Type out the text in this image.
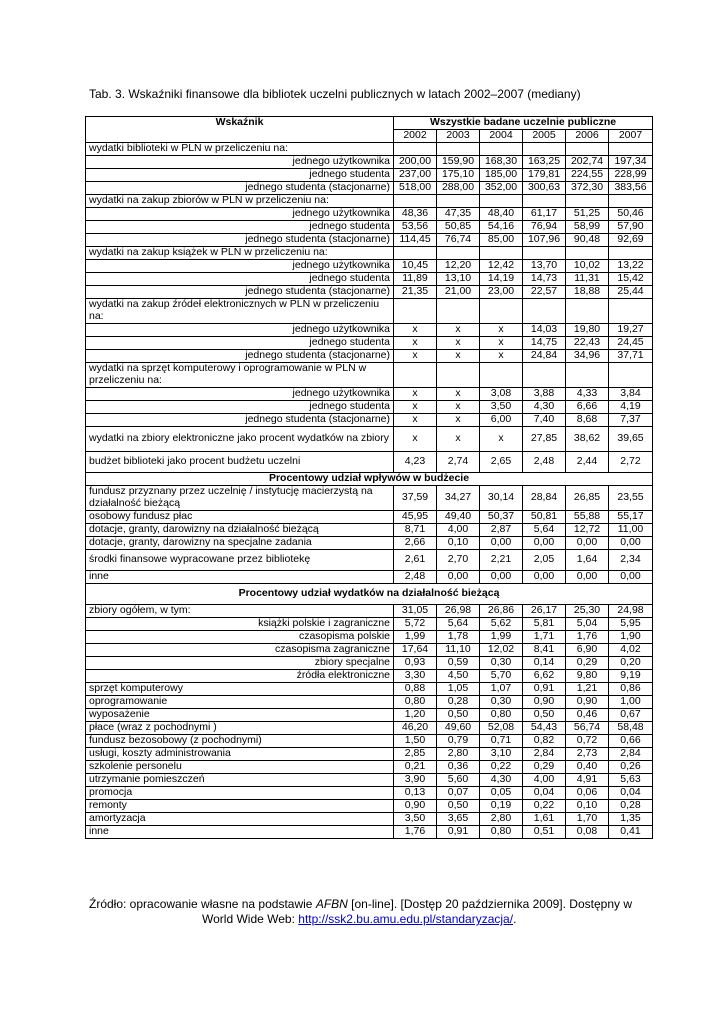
Tab. 3. Wskaźniki finansowe dla bibliotek uczelni publicznych w latach 2002–2007 (mediany)
Wskaźnik	Wszystkie badane uczelnie publiczne					
	2002	2003	2004	2005	2006	2007
wydatki biblioteki w PLN w przeliczeniu na:						
jednego użytkownika	200,00	159,90	168,30	163,25	202,74	197,34
jednego studenta	237,00	175,10	185,00	179,81	224,55	228,99
jednego studenta (stacjonarne)	518,00	288,00	352,00	300,63	372,30	383,56
wydatki na zakup zbiorów w PLN w przeliczeniu na:						
jednego użytkownika	48,36	47,35	48,40	61,17	51,25	50,46
jednego studenta	53,56	50,85	54,16	76,94	58,99	57,90
jednego studenta (stacjonarne)	114,45	76,74	85,00	107,96	90,48	92,69
wydatki na zakup książek w PLN w przeliczeniu na:						
jednego użytkownika	10,45	12,20	12,42	13,70	10,02	13,22
jednego studenta	11,89	13,10	14,19	14,73	11,31	15,42
jednego studenta (stacjonarne)	21,35	21,00	23,00	22,57	18,88	25,44
wydatki na zakup źródeł elektronicznych w PLN w przeliczeniu na:						
jednego użytkownika	x	x	x	14,03	19,80	19,27
jednego studenta	x	x	x	14,75	22,43	24,45
jednego studenta (stacjonarne)	x	x	x	24,84	34,96	37,71
wydatki na sprzęt komputerowy i oprogramowanie w PLN w przeliczeniu na:						
jednego użytkownika	x	x	3,08	3,88	4,33	3,84
jednego studenta	x	x	3,50	4,30	6,66	4,19
jednego studenta (stacjonarne)	x	x	6,00	7,40	8,68	7,37
wydatki na zbiory elektroniczne jako procent wydatków na zbiory	x	x	x	27,85	38,62	39,65
budżet biblioteki jako procent budżetu uczelni	4,23	2,74	2,65	2,48	2,44	2,72
Procentowy udział wpływów w budżecie						
fundusz przyznany przez uczelnię / instytucję macierzystą na działalność bieżącą	37,59	34,27	30,14	28,84	26,85	23,55
osobowy fundusz płac	45,95	49,40	50,37	50,81	55,88	55,17
dotacje, granty, darowizny na działalność bieżącą	8,71	4,00	2,87	5,64	12,72	11,00
dotacje, granty, darowizny na specjalne zadania	2,66	0,10	0,00	0,00	0,00	0,00
środki finansowe wypracowane przez bibliotekę	2,61	2,70	2,21	2,05	1,64	2,34
inne	2,48	0,00	0,00	0,00	0,00	0,00
Procentowy udział wydatków na działalność bieżącą						
zbiory ogółem, w tym:	31,05	26,98	26,86	26,17	25,30	24,98
książki polskie i zagraniczne	5,72	5,64	5,62	5,81	5,04	5,95
czasopisma polskie	1,99	1,78	1,99	1,71	1,76	1,90
czasopisma zagraniczne	17,64	11,10	12,02	8,41	6,90	4,02
zbiory specjalne	0,93	0,59	0,30	0,14	0,29	0,20
źródła elektroniczne	3,30	4,50	5,70	6,62	9,80	9,19
sprzęt komputerowy	0,88	1,05	1,07	0,91	1,21	0,86
oprogramowanie	0,80	0,28	0,30	0,90	0,90	1,00
wyposażenie	1,20	0,50	0,80	0,50	0,46	0,67
płace (wraz z pochodnymi )	46,20	49,60	52,08	54,43	56,74	58,48
fundusz bezosobowy (z pochodnymi)	1,50	0,79	0,71	0,82	0,72	0,66
usługi, koszty administrowania	2,85	2,80	3,10	2,84	2,73	2,84
szkolenie personelu	0,21	0,36	0,22	0,29	0,40	0,26
utrzymanie pomieszczeń	3,90	5,60	4,30	4,00	4,91	5,63
promocja	0,13	0,07	0,05	0,04	0,06	0,04
remonty	0,90	0,50	0,19	0,22	0,10	0,28
amortyzacja	3,50	3,65	2,80	1,61	1,70	1,35
inne	1,76	0,91	0,80	0,51	0,08	0,41
Źródło: opracowanie własne na podstawie AFBN [on-line]. [Dostęp 20 października 2009]. Dostępny w
World Wide Web: http://ssk2.bu.amu.edu.pl/standaryzacja/.
